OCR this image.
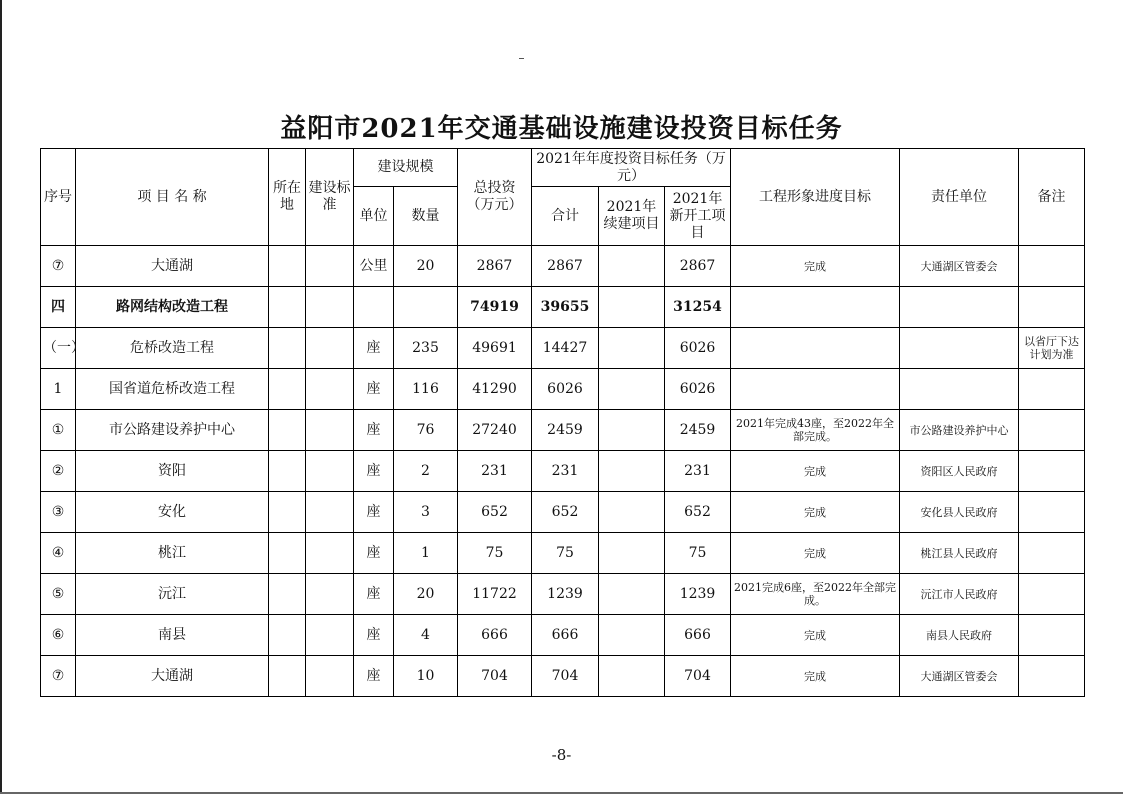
益阳市2021年交通基础设施建设投资目标任务
序号	项 目 名 称	所在地	建设标准	建设规模		总投资（万元）	2021年年度投资目标任务（万元）			工程形象进度目标	责任单位	备注
				单位	数量		合计	2021年续建项目	2021年新开工项目			

⑦	大通湖			公里	20	2867	2867		2867	完成	大通湖区管委会	
四	路网结构改造工程					74919	39655		31254			
（一）	危桥改造工程			座	235	49691	14427		6026			以省厅下达计划为准
1	国省道危桥改造工程			座	116	41290	6026		6026			
①	市公路建设养护中心			座	76	27240	2459		2459	2021年完成43座，至2022年全部完成。	市公路建设养护中心	
②	资阳			座	2	231	231		231	完成	资阳区人民政府	
③	安化			座	3	652	652		652	完成	安化县人民政府	
④	桃江			座	1	75	75		75	完成	桃江县人民政府	
⑤	沅江			座	20	11722	1239		1239	2021完成6座，至2022年全部完成。	沅江市人民政府	
⑥	南县			座	4	666	666		666	完成	南县人民政府	
⑦	大通湖			座	10	704	704		704	完成	大通湖区管委会	
-8-
